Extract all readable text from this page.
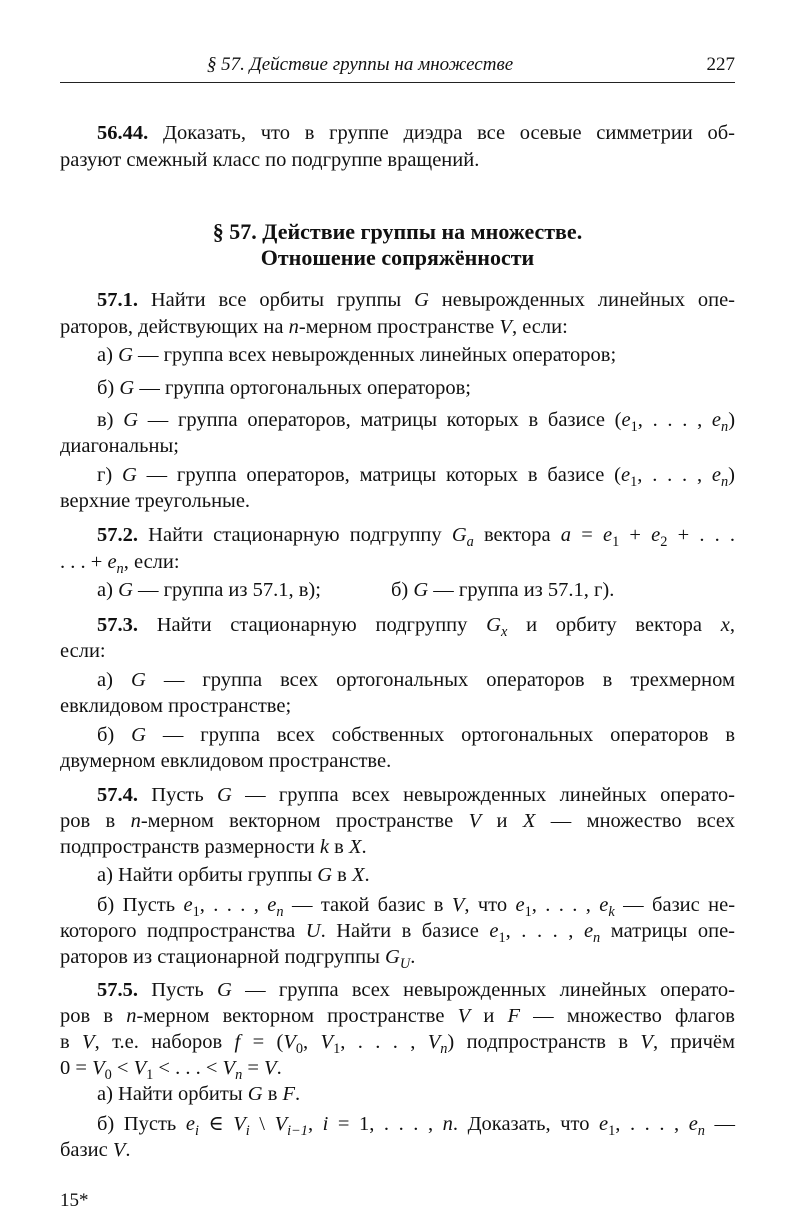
§ 57. Действие группы на множестве	227
§ 57. Действие группы на множестве.
Отношение сопряжённости
56.44. Доказать, что в группе диэдра все осевые симметрии об-
разуют смежный класс по подгруппе вращений.
57.1. Найти все орбиты группы G невырожденных линейных опе-
раторов, действующих на n-мерном пространстве V, если:
а) G — группа всех невырожденных линейных операторов;
б) G — группа ортогональных операторов;
в) G — группа операторов, матрицы которых в базисе ($e_1$, . . . , $e_n$)
диагональны;
г) G — группа операторов, матрицы которых в базисе ($e_1$, . . . , $e_n$)
верхние треугольные.
57.2. Найти стационарную подгруппу $G_a$ вектора $a = e_1 + e_2$ + . . .
. . . + $e_n$, если:
а) G — группа из 57.1, в);	б) G — группа из 57.1, г).
57.3. Найти стационарную подгруппу $G_x$ и орбиту вектора x,
если:
а) G — группа всех ортогональных операторов в трехмерном
евклидовом пространстве;
б) G — группа всех собственных ортогональных операторов в
двумерном евклидовом пространстве.
57.4. Пусть G — группа всех невырожденных линейных операто-
ров в n-мерном векторном пространстве V и X — множество всех
подпространств размерности k в X.
а) Найти орбиты группы G в X.
б) Пусть $e_1$, . . . , $e_n$ — такой базис в V, что $e_1$, . . . , $e_k$ — базис не-
которого подпространства U. Найти в базисе $e_1$, . . . , $e_n$ матрицы опе-
раторов из стационарной подгруппы $G_U$.
57.5. Пусть G — группа всех невырожденных линейных операто-
ров в n-мерном векторном пространстве V и F — множество флагов
в V, т.е. наборов $f = (V_0$, $V_1$, . . . , $V_n$) подпространств в V, причём
$0 = V_0 < V_1$ < . . . < $V_n = V$.
а) Найти орбиты G в F.
б) Пусть $e_i$ ∈ $V_i$ \ $V_{i-1}$, i = 1, . . . , n. Доказать, что $e_1$, . . . , $e_n$ —
базис V.
15*
